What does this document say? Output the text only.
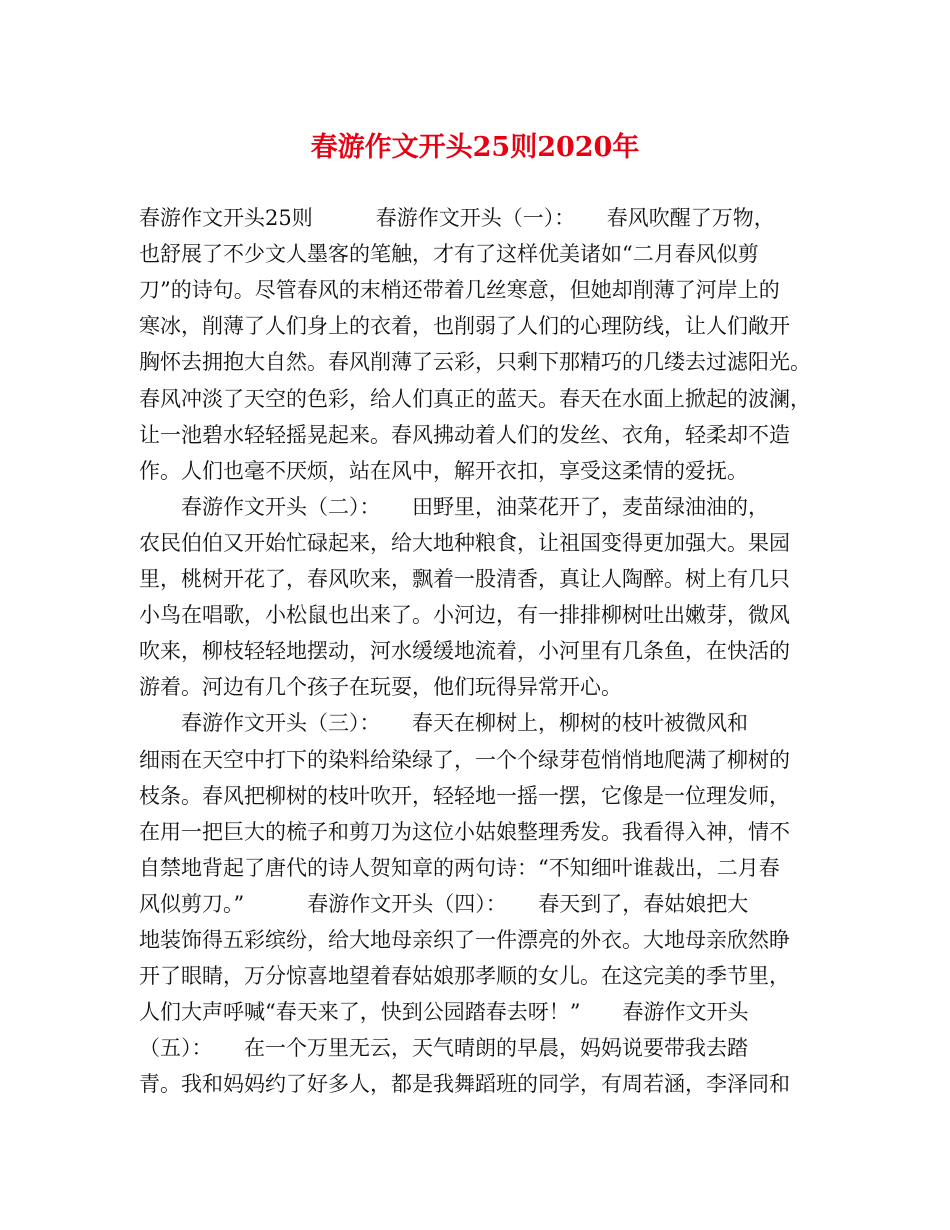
春游作文开头25则2020年
春游作文开头25则　　　春游作文开头（一）：　　春风吹醒了万物，
也舒展了不少文人墨客的笔触，才有了这样优美诸如“二月春风似剪
刀”的诗句。尽管春风的末梢还带着几丝寒意，但她却削薄了河岸上的
寒冰，削薄了人们身上的衣着，也削弱了人们的心理防线，让人们敞开
胸怀去拥抱大自然。春风削薄了云彩，只剩下那精巧的几缕去过滤阳光。
春风冲淡了天空的色彩，给人们真正的蓝天。春天在水面上掀起的波澜，
让一池碧水轻轻摇晃起来。春风拂动着人们的发丝、衣角，轻柔却不造
作。人们也毫不厌烦，站在风中，解开衣扣，享受这柔情的爱抚。
　　春游作文开头（二）：　　田野里，油菜花开了，麦苗绿油油的，
农民伯伯又开始忙碌起来，给大地种粮食，让祖国变得更加强大。果园
里，桃树开花了，春风吹来，飘着一股清香，真让人陶醉。树上有几只
小鸟在唱歌，小松鼠也出来了。小河边，有一排排柳树吐出嫩芽，微风
吹来，柳枝轻轻地摆动，河水缓缓地流着，小河里有几条鱼，在快活的
游着。河边有几个孩子在玩耍，他们玩得异常开心。
　　春游作文开头（三）：　　春天在柳树上，柳树的枝叶被微风和
细雨在天空中打下的染料给染绿了，一个个绿芽苞悄悄地爬满了柳树的
枝条。春风把柳树的枝叶吹开，轻轻地一摇一摆，它像是一位理发师，
在用一把巨大的梳子和剪刀为这位小姑娘整理秀发。我看得入神，情不
自禁地背起了唐代的诗人贺知章的两句诗：“不知细叶谁裁出，二月春
风似剪刀。”　　　春游作文开头（四）：　　春天到了，春姑娘把大
地装饰得五彩缤纷，给大地母亲织了一件漂亮的外衣。大地母亲欣然睁
开了眼睛，万分惊喜地望着春姑娘那孝顺的女儿。在这完美的季节里，
人们大声呼喊“春天来了，快到公园踏春去呀！”　　春游作文开头
（五）：　　在一个万里无云，天气晴朗的早晨，妈妈说要带我去踏
青。我和妈妈约了好多人，都是我舞蹈班的同学，有周若涵，李泽同和
